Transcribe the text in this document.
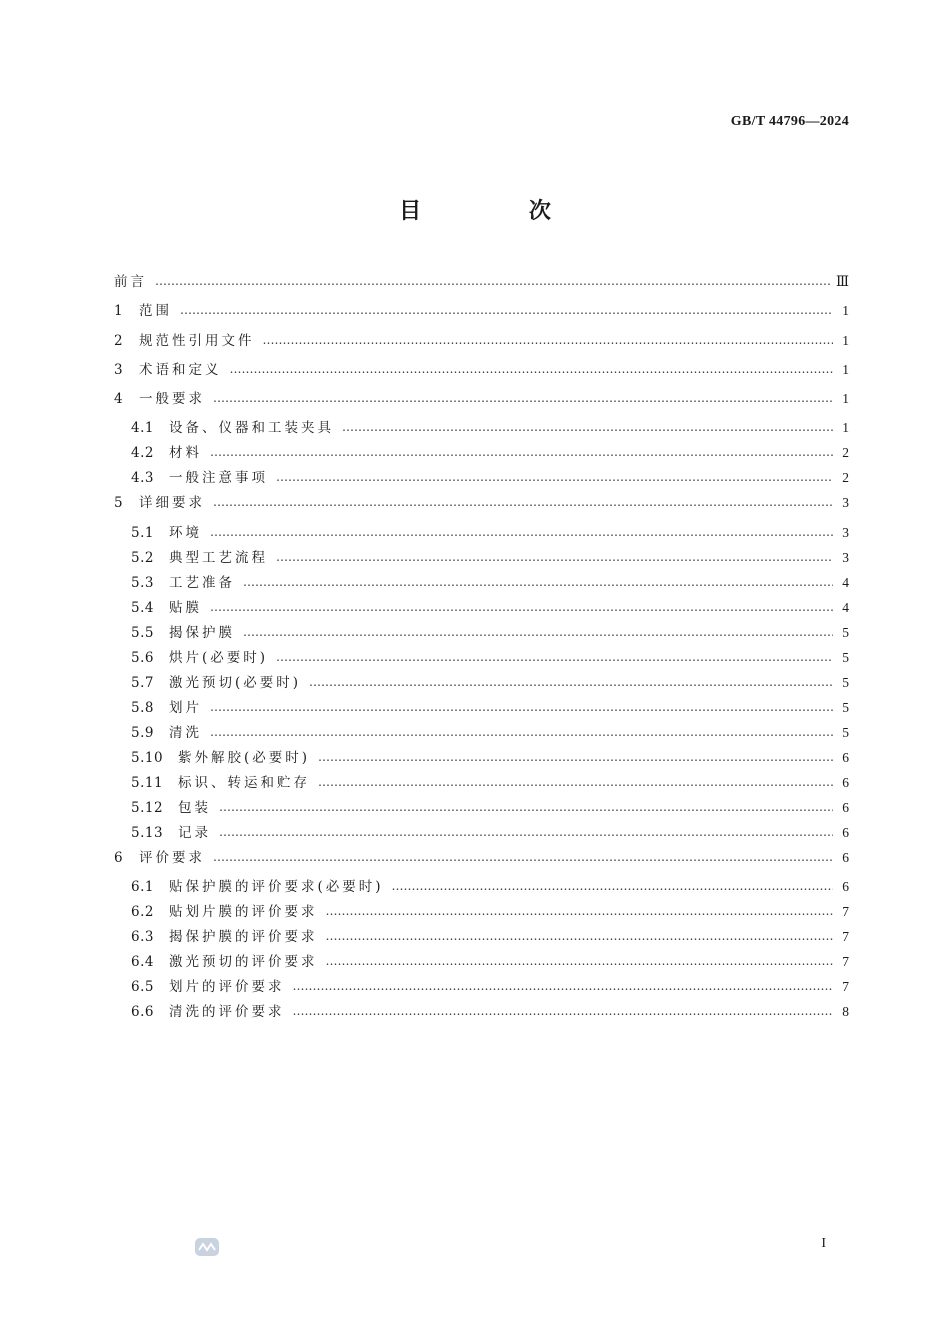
GB/T 44796—2024
目 次
前言 …………………………………………………………………………………………………………………………………………………………………………………………………………………………………………………………………………	Ⅲ
1	范围 …………………………………………………………………………………………………………………………………………………………………………………………………………………………………………………………………………	1
2	规范性引用文件 …………………………………………………………………………………………………………………………………………………………………………………………………………………………………………………………………………	1
3	术语和定义 …………………………………………………………………………………………………………………………………………………………………………………………………………………………………………………………………………	1
4	一般要求 …………………………………………………………………………………………………………………………………………………………………………………………………………………………………………………………………………	1
4.1	设备、仪器和工装夹具 …………………………………………………………………………………………………………………………………………………………………………………………………………………………………………………………………………	1
4.2	材料 …………………………………………………………………………………………………………………………………………………………………………………………………………………………………………………………………………	2
4.3	一般注意事项 …………………………………………………………………………………………………………………………………………………………………………………………………………………………………………………………………………	2
5	详细要求 …………………………………………………………………………………………………………………………………………………………………………………………………………………………………………………………………………	3
5.1	环境 …………………………………………………………………………………………………………………………………………………………………………………………………………………………………………………………………………	3
5.2	典型工艺流程 …………………………………………………………………………………………………………………………………………………………………………………………………………………………………………………………………………	3
5.3	工艺准备 …………………………………………………………………………………………………………………………………………………………………………………………………………………………………………………………………………	4
5.4	贴膜 …………………………………………………………………………………………………………………………………………………………………………………………………………………………………………………………………………	4
5.5	揭保护膜 …………………………………………………………………………………………………………………………………………………………………………………………………………………………………………………………………………	5
5.6	烘片(必要时) …………………………………………………………………………………………………………………………………………………………………………………………………………………………………………………………………………	5
5.7	激光预切(必要时) …………………………………………………………………………………………………………………………………………………………………………………………………………………………………………………………………………	5
5.8	划片 …………………………………………………………………………………………………………………………………………………………………………………………………………………………………………………………………………	5
5.9	清洗 …………………………………………………………………………………………………………………………………………………………………………………………………………………………………………………………………………	5
5.10	紫外解胶(必要时) …………………………………………………………………………………………………………………………………………………………………………………………………………………………………………………………………………	6
5.11	标识、转运和贮存 …………………………………………………………………………………………………………………………………………………………………………………………………………………………………………………………………………	6
5.12	包装 …………………………………………………………………………………………………………………………………………………………………………………………………………………………………………………………………………	6
5.13	记录 …………………………………………………………………………………………………………………………………………………………………………………………………………………………………………………………………………	6
6	评价要求 …………………………………………………………………………………………………………………………………………………………………………………………………………………………………………………………………………	6
6.1	贴保护膜的评价要求(必要时) …………………………………………………………………………………………………………………………………………………………………………………………………………………………………………………………………………	6
6.2	贴划片膜的评价要求 …………………………………………………………………………………………………………………………………………………………………………………………………………………………………………………………………………	7
6.3	揭保护膜的评价要求 …………………………………………………………………………………………………………………………………………………………………………………………………………………………………………………………………………	7
6.4	激光预切的评价要求 …………………………………………………………………………………………………………………………………………………………………………………………………………………………………………………………………………	7
6.5	划片的评价要求 …………………………………………………………………………………………………………………………………………………………………………………………………………………………………………………………………………	7
6.6	清洗的评价要求 …………………………………………………………………………………………………………………………………………………………………………………………………………………………………………………………………………	8
I
